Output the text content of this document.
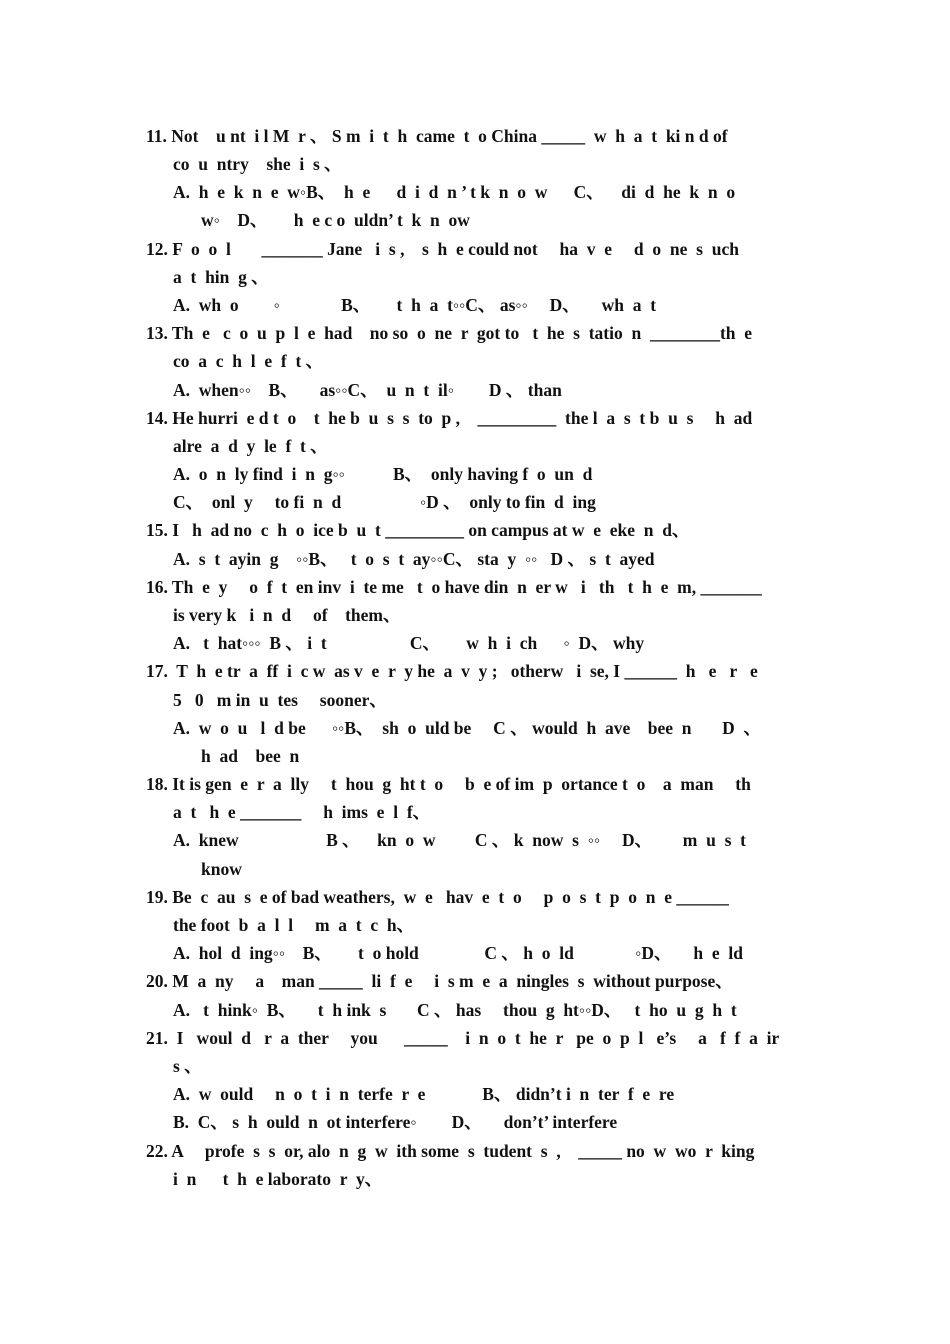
11. Not    u nt  i l M  r 、 S m  i  t  h  came  t  o China _____  w  h  a  t  ki n d of
co  u  ntry    she  i  s 、
A.  h  e  k  n  e  w◦B、  h  e      d  i  d  n ’ t k  n  o  w      C、    di  d  he  k  n  o
w◦    D、      h  e c o  uldn’ t  k  n  ow
12. F  o  o  l       _______ Jane   i  s ,    s  h  e could not     ha  v  e     d  o  ne  s  uch
a  t  hin  g 、
A.  wh  o        ◦              B、      t  h  a  t◦◦C、 as◦◦     D、     wh  a  t
13. Th  e   c  o  u  p  l  e  had    no so  o  ne  r  got to   t  he  s  tatio  n  ________th  e
co  a  c  h  l  e  f  t 、
A.  when◦◦    B、     as◦◦C、  u  n  t  il◦        D 、 than
14. He hurri  e d t  o    t  he b  u  s  s  to  p ,    _________  the l  a  s  t b  u  s     h  ad
alre  a  d  y  le  f  t 、
A.  o  n  ly find  i  n  g◦◦           B、  only having f  o  un  d
C、  onl  y     to fi  n  d                  ◦D 、  only to fin  d  ing
15. I   h  ad no  c  h  o  ice b  u  t _________ on campus at w  e  eke  n  d、
A.  s  t  ayin  g    ◦◦B、   t  o  s  t  ay◦◦C、 sta  y  ◦◦   D 、 s  t  ayed
16. Th  e  y     o  f  t  en inv  i  te me   t  o have din  n  er w   i   th   t  h  e  m, _______
is very k   i  n  d     of    them、
A.   t  hat◦◦◦  B 、 i  t                   C、      w  h  i  ch      ◦  D、 why
17.  T  h  e tr  a  ff  i  c w  as v  e  r  y he  a  v  y ;   otherw   i  se, I ______  h   e   r   e
5   0   m in  u  tes     sooner、
A.  w  o  u   l  d be      ◦◦B、  sh  o  uld be     C 、 would  h  ave    bee  n       D  、
h  ad    bee  n
18. It is gen  e  r  a  lly     t  hou  g  ht t  o     b  e of im  p  ortance t  o    a  man     th
a  t   h  e _______     h  ims  e  l  f、
A.  knew                    B 、    kn  o  w         C 、 k  now  s  ◦◦     D、       m  u  s  t
know
19. Be  c  au  s  e of bad weathers,  w  e   hav  e  t  o     p  o  s  t  p  o  n  e ______
the foot  b  a  l  l     m  a  t  c  h、
A.  hol  d  ing◦◦    B、      t  o hold               C 、 h  o  ld              ◦D、     h  e  ld
20. M  a  ny     a    man _____  li  f  e     i  s m  e  a  ningles  s  without purpose、
A.   t  hink◦  B、     t  h ink  s       C 、 has     thou  g  ht◦◦D、   t  ho  u  g  h  t
21.  I   woul  d   r  a  ther     you      _____    i  n  o  t  he  r   pe  o  p  l   e’s     a   f  f  a  ir
s 、
A.  w  ould     n  o  t  i  n  terfe  r  e             B、 didn’t i  n  ter  f  e  re
B.  C、 s  h  ould  n  ot interfere◦        D、     don’t’ interfere
22. A     profe  s  s  or, alo  n  g  w  ith some  s  tudent  s  ,    _____ no  w  wo  r  king
i  n      t  h  e laborato  r  y、
